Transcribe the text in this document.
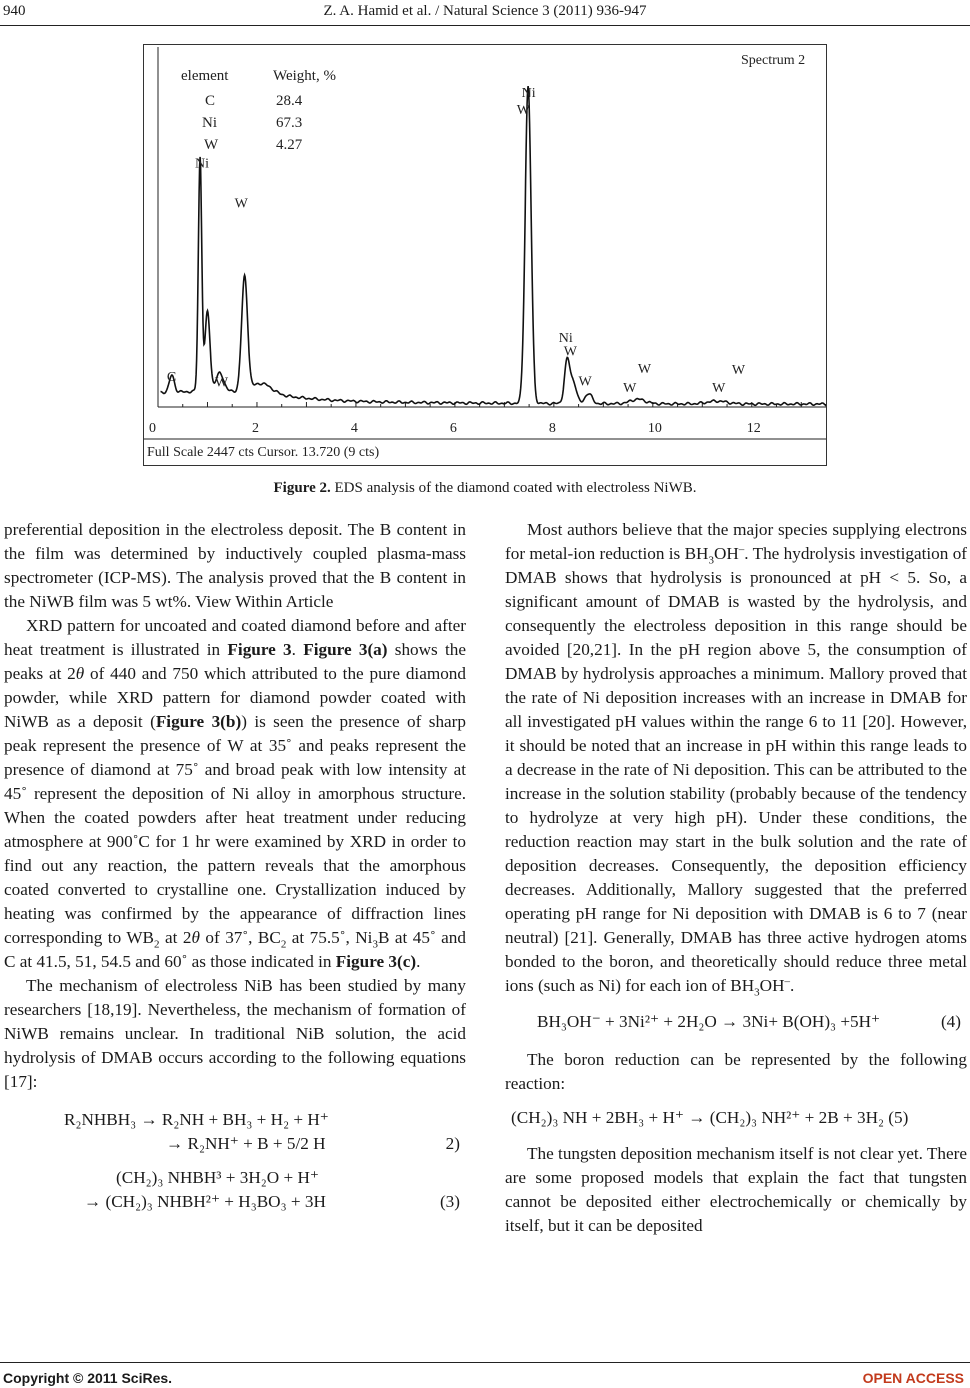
940	Z. A. Hamid et al. / Natural Science 3 (2011) 936-947
Spectrum 2
element	Weight, %
C	28.4
Ni	67.3
W	4.27
Full Scale 2447 cts Cursor. 13.720 (9 cts)
0	2	4	6	8	10	12
Ni
W
C	W
Ni
W
Ni
W
W
W
W
W
W
Figure 2. EDS analysis of the diamond coated with electroless NiWB.

preferential deposition in the electroless deposit. The B content in the film was determined by inductively coupled plasma-mass spectrometer (ICP-MS). The analysis proved that the B content in the NiWB film was 5 wt%. View Within Article

XRD pattern for uncoated and coated diamond before and after heat treatment is illustrated in Figure 3. Figure 3(a) shows the peaks at 2θ of 440 and 750 which attributed to the pure diamond powder, while XRD pattern for diamond powder coated with NiWB as a deposit (Figure 3(b)) is seen the presence of sharp peak represent the presence of W at 35˚ and peaks represent the presence of diamond at 75˚ and broad peak with low intensity at 45˚ represent the deposition of Ni alloy in amorphous structure. When the coated powders after heat treatment under reducing atmosphere at 900˚C for 1 hr were examined by XRD in order to find out any reaction, the pattern reveals that the amorphous coated converted to crystalline one. Crystallization induced by heating was confirmed by the appearance of diffraction lines corresponding to $WB_2$ at 2θ of 37˚, $BC_2$ at 75.5˚, $Ni_3B$ at 45˚ and C at 41.5, 51, 54.5 and 60˚ as those indicated in Figure 3(c).

The mechanism of electroless NiB has been studied by many researchers [18,19]. Nevertheless, the mechanism of formation of NiWB remains unclear. In traditional NiB solution, the acid hydrolysis of DMAB occurs according to the following equations [17]:

R₂NHBH₃ → R₂NH + BH₃ + H₂ + H⁺
→ R₂NH⁺ + B + 5/2 H	2)
(CH₂)₃ NHBH³ + 3H₂O + H⁺
→ (CH₂)₃ NHBH²⁺ + H₃BO₃ + 3H	(3)

Most authors believe that the major species supplying electrons for metal-ion reduction is $BH_3OH^-$. The hydrolysis investigation of DMAB shows that hydrolysis is pronounced at pH < 5. So, a significant amount of DMAB is wasted by the hydrolysis, and consequently the electroless deposition in this range should be avoided [20,21]. In the pH region above 5, the consumption of DMAB by hydrolysis approaches a minimum. Mallory proved that the rate of Ni deposition increases with an increase in DMAB for all investigated pH values within the range 6 to 11 [20]. However, it should be noted that an increase in pH within this range leads to a decrease in the rate of Ni deposition. This can be attributed to the increase in the solution stability (probably because of the tendency to hydrolyze at very high pH). Under these conditions, the reduction reaction may start in the bulk solution and the rate of deposition decreases. Consequently, the deposition efficiency decreases. Additionally, Mallory suggested that the preferred operating pH range for Ni deposition with DMAB is 6 to 7 (near neutral) [21]. Generally, DMAB has three active hydrogen atoms bonded to the boron, and theoretically should reduce three metal ions (such as Ni) for each ion of $BH_3OH^-$.

BH₃OH⁻ + 3Ni²⁺ + 2H₂O → 3Ni+ B(OH)₃ +5H⁺	(4)

The boron reduction can be represented by the following reaction:

(CH₂)₃ NH + 2BH₃ + H⁺ → (CH₂)₃ NH²⁺ + 2B + 3H₂ (5)

The tungsten deposition mechanism itself is not clear yet. There are some proposed models that explain the fact that tungsten cannot be deposited either electrochemically or chemically by itself, but it can be deposited

Copyright © 2011 SciRes.	OPEN ACCESS
